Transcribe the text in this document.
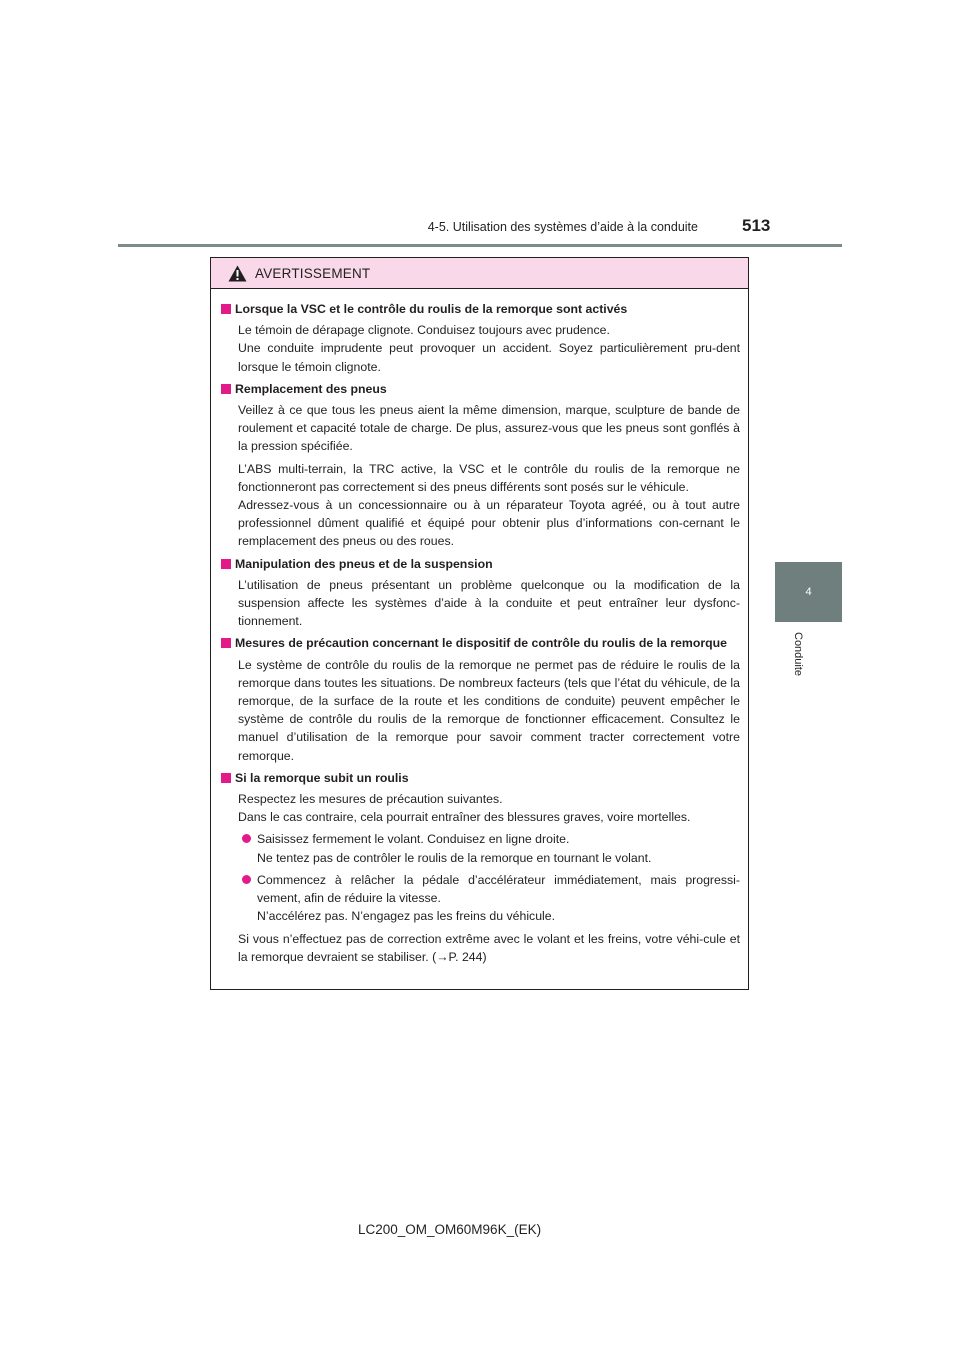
4-5. Utilisation des systèmes d’aide à la conduite	513
4
Conduite
AVERTISSEMENT
Lorsque la VSC et le contrôle du roulis de la remorque sont activés
Le témoin de dérapage clignote. Conduisez toujours avec prudence.
Une conduite imprudente peut provoquer un accident. Soyez particulièrement pru-dent lorsque le témoin clignote.
Remplacement des pneus
Veillez à ce que tous les pneus aient la même dimension, marque, sculpture de bande de roulement et capacité totale de charge. De plus, assurez-vous que les pneus sont gonflés à la pression spécifiée.
L’ABS multi-terrain, la TRC active, la VSC et le contrôle du roulis de la remorque ne fonctionneront pas correctement si des pneus différents sont posés sur le véhicule.
Adressez-vous à un concessionnaire ou à un réparateur Toyota agréé, ou à tout autre professionnel dûment qualifié et équipé pour obtenir plus d’informations con-cernant le remplacement des pneus ou des roues.
Manipulation des pneus et de la suspension
L’utilisation de pneus présentant un problème quelconque ou la modification de la suspension affecte les systèmes d’aide à la conduite et peut entraîner leur dysfonc-tionnement.
Mesures de précaution concernant le dispositif de contrôle du roulis de la remorque
Le système de contrôle du roulis de la remorque ne permet pas de réduire le roulis de la remorque dans toutes les situations. De nombreux facteurs (tels que l’état du véhicule, de la remorque, de la surface de la route et les conditions de conduite) peuvent empêcher le système de contrôle du roulis de la remorque de fonctionner efficacement. Consultez le manuel d’utilisation de la remorque pour savoir comment tracter correctement votre remorque.
Si la remorque subit un roulis
Respectez les mesures de précaution suivantes.
Dans le cas contraire, cela pourrait entraîner des blessures graves, voire mortelles.
Saisissez fermement le volant. Conduisez en ligne droite.
Ne tentez pas de contrôler le roulis de la remorque en tournant le volant.
Commencez à relâcher la pédale d’accélérateur immédiatement, mais progressi-vement, afin de réduire la vitesse.
N’accélérez pas. N’engagez pas les freins du véhicule.
Si vous n’effectuez pas de correction extrême avec le volant et les freins, votre véhi-cule et la remorque devraient se stabiliser. (→P. 244)
LC200_OM_OM60M96K_(EK)
